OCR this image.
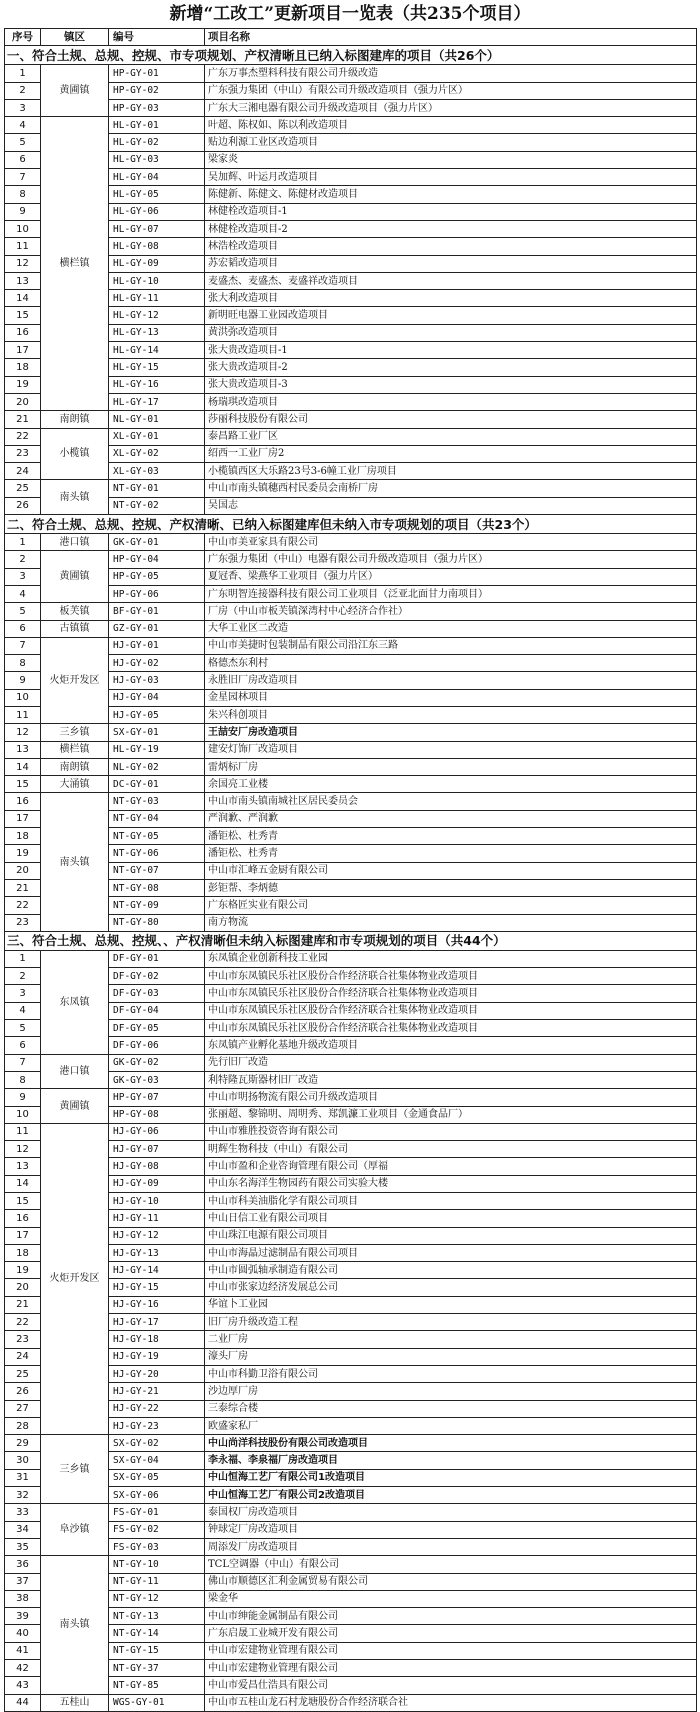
新增“工改工”更新项目一览表（共235个项目）
序号	镇区	编号	项目名称
一、符合土规、总规、控规、市专项规划、产权清晰且已纳入标图建库的项目（共26个）			
1	黄圃镇	HP-GY-01	广东万事杰塑料科技有限公司升级改造
2		HP-GY-02	广东强力集团（中山）有限公司升级改造项目（强力片区）
3		HP-GY-03	广东大三湘电器有限公司升级改造项目（强力片区）
4	横栏镇	HL-GY-01	叶超、陈权如、陈以利改造项目
5		HL-GY-02	贴边利源工业区改造项目
6		HL-GY-03	梁家炎
7		HL-GY-04	吴加辉、叶运月改造项目
8		HL-GY-05	陈健新、陈健文、陈健材改造项目
9		HL-GY-06	林健栓改造项目-1
10		HL-GY-07	林健栓改造项目-2
11		HL-GY-08	林浩栓改造项目
12		HL-GY-09	苏宏韬改造项目
13		HL-GY-10	麦盛杰、麦盛杰、麦盛祥改造项目
14		HL-GY-11	张大利改造项目
15		HL-GY-12	新明旺电器工业园改造项目
16		HL-GY-13	黄洪弥改造项目
17		HL-GY-14	张大贵改造项目-1
18		HL-GY-15	张大贵改造项目-2
19		HL-GY-16	张大贵改造项目-3
20		HL-GY-17	杨瑞琪改造项目
21	南朗镇	NL-GY-01	莎丽科技股份有限公司
22	小榄镇	XL-GY-01	泰昌路工业厂区
23		XL-GY-02	绍西一工业厂房2
24		XL-GY-03	小榄镇西区大乐路23号3-6幢工业厂房项目
25	南头镇	NT-GY-01	中山市南头镇穗西村民委员会南桥厂房
26		NT-GY-02	吴国志
二、符合土规、总规、控规、产权清晰、已纳入标图建库但未纳入市专项规划的项目（共23个）			
1	港口镇	GK-GY-01	中山市美亚家具有限公司
2	黄圃镇	HP-GY-04	广东强力集团（中山）电器有限公司升级改造项目（强力片区）
3		HP-GY-05	夏冠香、梁燕华工业项目（强力片区）
4		HP-GY-06	广东明智连接器科技有限公司工业项目（泛亚北面甘力南项目）
5	板芙镇	BF-GY-01	厂房（中山市板芙镇深湾村中心经济合作社）
6	古镇镇	GZ-GY-01	大华工业区二改造
7	火炬开发区	HJ-GY-01	中山市美捷时包装制品有限公司沿江东三路
8		HJ-GY-02	格德杰东利村
9		HJ-GY-03	永胜旧厂房改造项目
10		HJ-GY-04	金星园林项目
11		HJ-GY-05	朱兴科创项目
12	三乡镇	SX-GY-01	王喆安厂房改造项目
13	横栏镇	HL-GY-19	建安灯饰厂改造项目
14	南朗镇	NL-GY-02	雷炳标厂房
15	大涌镇	DC-GY-01	余国亮工业楼
16	南头镇	NT-GY-03	中山市南头镇南城社区居民委员会
17		NT-GY-04	严润歉、严润歉
18		NT-GY-05	潘钜松、杜秀青
19		NT-GY-06	潘钜松、杜秀青
20		NT-GY-07	中山市汇峰五金厨有限公司
21		NT-GY-08	彭钜帮、李炳德
22		NT-GY-09	广东格匠实业有限公司
23		NT-GY-80	南方物流
三、符合土规、总规、控规、、产权清晰但未纳入标图建库和市专项规划的项目（共44个）			
1	东凤镇	DF-GY-01	东凤镇企业创新科技工业园
2		DF-GY-02	中山市东凤镇民乐社区股份合作经济联合社集体物业改造项目
3		DF-GY-03	中山市东凤镇民乐社区股份合作经济联合社集体物业改造项目
4		DF-GY-04	中山市东凤镇民乐社区股份合作经济联合社集体物业改造项目
5		DF-GY-05	中山市东凤镇民乐社区股份合作经济联合社集体物业改造项目
6		DF-GY-06	东凤镇产业孵化基地升级改造项目
7	港口镇	GK-GY-02	先行旧厂改造
8		GK-GY-03	利特隆瓦斯器材旧厂改造
9	黄圃镇	HP-GY-07	中山市明扬物流有限公司升级改造项目
10		HP-GY-08	张丽超、黎锦明、周明秀、郑凯濂工业项目（金通食品厂）
11	火炬开发区	HJ-GY-06	中山市雅胜投资咨询有限公司
12		HJ-GY-07	明辉生物科技（中山）有限公司
13		HJ-GY-08	中山市盈和企业咨询管理有限公司（厚福
14		HJ-GY-09	中山东名海洋生物园药有限公司实验大楼
15		HJ-GY-10	中山市科美油脂化学有限公司项目
16		HJ-GY-11	中山日信工业有限公司项目
17		HJ-GY-12	中山珠江电源有限公司项目
18		HJ-GY-13	中山市海晶过滤制品有限公司项目
19		HJ-GY-14	中山市圆弧轴承制造有限公司
20		HJ-GY-15	中山市张家边经济发展总公司
21		HJ-GY-16	华谊卜工业园
22		HJ-GY-17	旧厂房升级改造工程
23		HJ-GY-18	二业厂房
24		HJ-GY-19	濠头厂房
25		HJ-GY-20	中山市科勤卫浴有限公司
26		HJ-GY-21	沙边厚厂房
27		HJ-GY-22	三泰综合楼
28		HJ-GY-23	欧盛家私厂
29	三乡镇	SX-GY-02	中山尚洋科技股份有限公司改造项目
30		SX-GY-04	李永福、李泉福厂房改造项目
31		SX-GY-05	中山恒海工艺厂有限公司1改造项目
32		SX-GY-06	中山恒海工艺厂有限公司2改造项目
33	阜沙镇	FS-GY-01	泰国权厂房改造项目
34		FS-GY-02	钟球定厂房改造项目
35		FS-GY-03	周添发厂房改造项目
36	南头镇	NT-GY-10	TCL空调器（中山）有限公司
37		NT-GY-11	佛山市顺德区汇利金属贸易有限公司
38		NT-GY-12	梁金华
39		NT-GY-13	中山市绅能金属制品有限公司
40		NT-GY-14	广东启晟工业城开发有限公司
41		NT-GY-15	中山市宏建物业管理有限公司
42		NT-GY-37	中山市宏建物业管理有限公司
43		NT-GY-85	中山市爱昌仕浩具有限公司
44	五桂山	WGS-GY-01	中山市五桂山龙石村龙塘股份合作经济联合社
